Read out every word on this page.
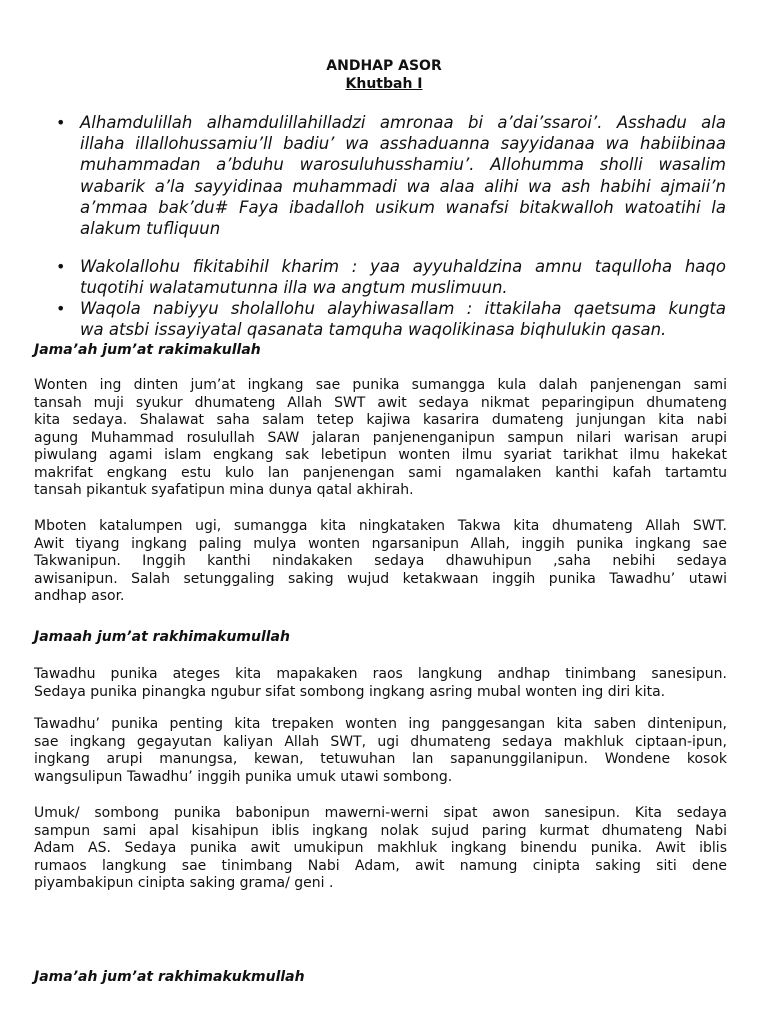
ANDHAP ASOR
Khutbah I
• Alhamdulillah alhamdulillahilladzi amronaa bi a’dai’ssaroi’. Asshadu ala
illaha illallohussamiu’ll badiu’ wa asshaduanna sayyidanaa wa habiibinaa
muhammadan a’bduhu warosuluhusshamiu’. Allohumma sholli wasalim
wabarik a’la sayyidinaa muhammadi wa alaa alihi wa ash habihi ajmaii’n
a’mmaa bak’du# Faya ibadalloh usikum wanafsi bitakwalloh watoatihi la
alakum tufliquun
• Wakolallohu fikitabihil kharim : yaa ayyuhaldzina amnu taqulloha haqo
tuqotihi walatamutunna illa wa angtum muslimuun.
• Waqola nabiyyu sholallohu alayhiwasallam : ittakilaha qaetsuma kungta
wa atsbi issayiyatal qasanata tamquha waqolikinasa biqhulukin qasan.
Jama’ah jum’at rakimakullah
Wonten ing dinten jum’at ingkang sae punika sumangga kula dalah panjenengan sami
tansah muji syukur dhumateng Allah SWT awit sedaya nikmat peparingipun dhumateng
kita sedaya. Shalawat saha salam tetep kajiwa kasarira dumateng junjungan kita nabi
agung Muhammad rosulullah SAW jalaran panjenenganipun sampun nilari warisan arupi
piwulang agami islam engkang sak lebetipun wonten ilmu syariat tarikhat ilmu hakekat
makrifat engkang estu kulo lan panjenengan sami ngamalaken kanthi kafah tartamtu
tansah pikantuk syafatipun mina dunya qatal akhirah.
Mboten katalumpen ugi, sumangga kita ningkataken Takwa kita dhumateng Allah SWT.
Awit tiyang ingkang paling mulya wonten ngarsanipun Allah, inggih punika ingkang sae
Takwanipun. Inggih kanthi nindakaken sedaya dhawuhipun ,saha nebihi sedaya
awisanipun. Salah setunggaling saking wujud ketakwaan inggih punika Tawadhu’ utawi
andhap asor.
Jamaah jum’at rakhimakumullah
Tawadhu punika ateges kita mapakaken raos langkung andhap tinimbang sanesipun.
Sedaya punika pinangka ngubur sifat sombong ingkang asring mubal wonten ing diri kita.
Tawadhu’ punika penting kita trepaken wonten ing panggesangan kita saben dintenipun,
sae ingkang gegayutan kaliyan Allah SWT, ugi dhumateng sedaya makhluk ciptaan-ipun,
ingkang arupi manungsa, kewan, tetuwuhan lan sapanunggilanipun. Wondene kosok
wangsulipun Tawadhu’ inggih punika umuk utawi sombong.
Umuk/ sombong punika babonipun mawerni-werni sipat awon sanesipun. Kita sedaya
sampun sami apal kisahipun iblis ingkang nolak sujud paring kurmat dhumateng Nabi
Adam AS. Sedaya punika awit umukipun makhluk ingkang binendu punika. Awit iblis
rumaos langkung sae tinimbang Nabi Adam, awit namung cinipta saking siti dene
piyambakipun cinipta saking grama/ geni .
Jama’ah jum’at rakhimakukmullah
